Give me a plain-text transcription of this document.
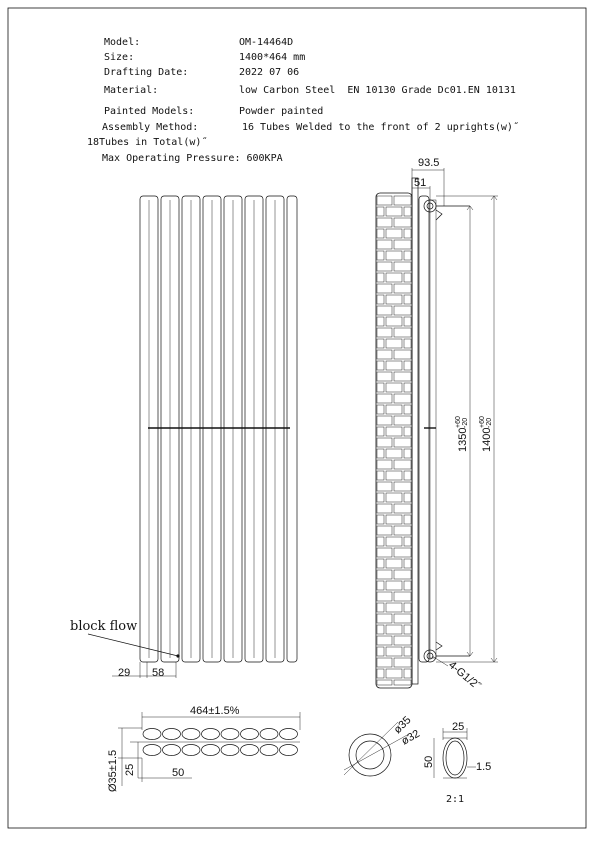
Model:	OM-14464D
Size:	1400*464 mm
Drafting Date:	2022 07 06
Material:	low Carbon Steel  EN 10130 Grade Dc01.EN 10131
Painted Models:	Powder painted
Assembly Method:	16 Tubes Welded to the front of 2 uprights(w)˝
18Tubes in Total(w)˝
Max Operating Pressure: 600KPA
29 58
block flow
93.5
51
1350
+60 -20
1400
+60 -20
4-G1/2˝
464±1.5%
Ø35±1.5 25	50
ø35
ø32
25
50	1.5
2:1
